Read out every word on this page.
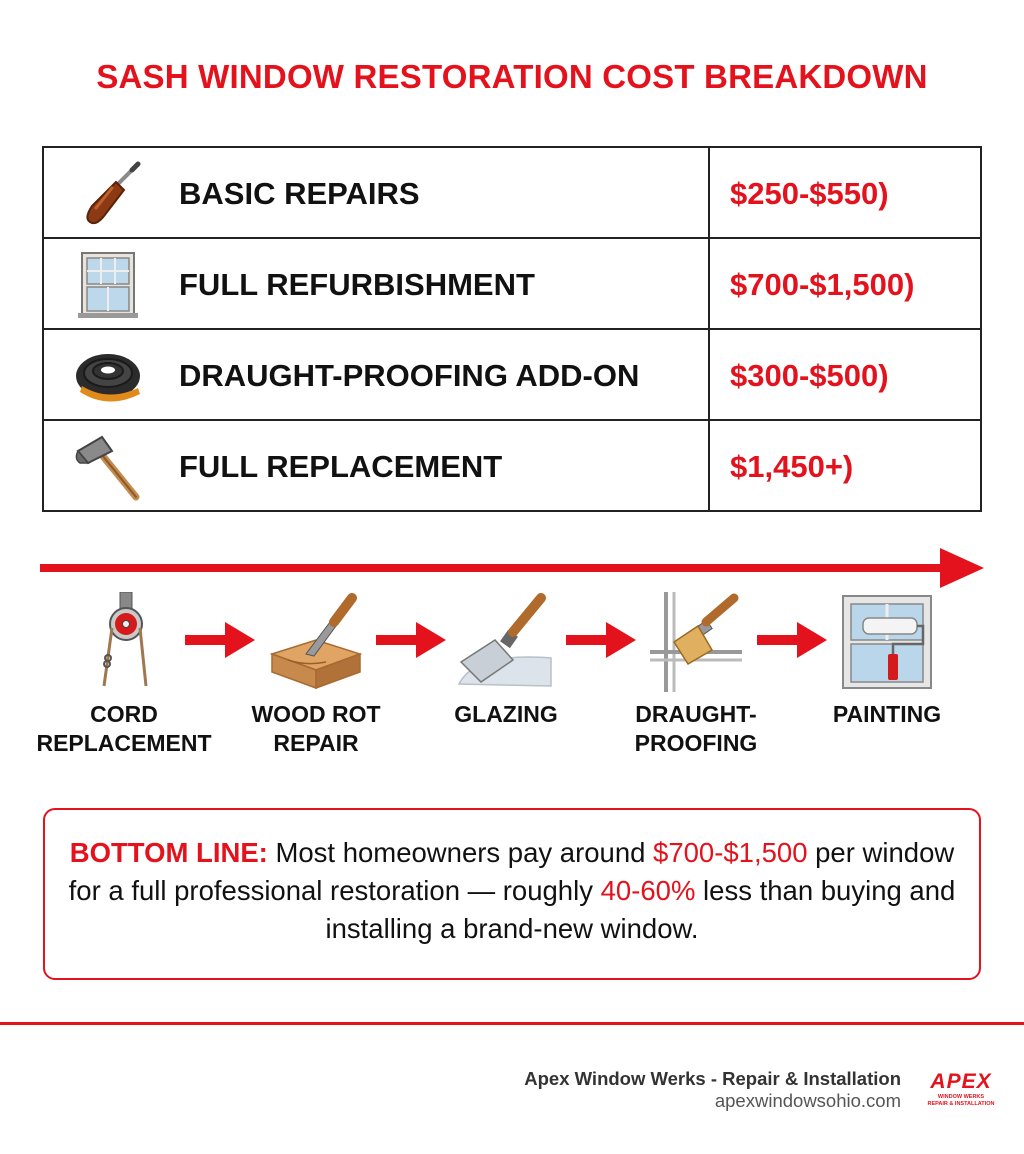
SASH WINDOW RESTORATION COST BREAKDOWN
BASIC REPAIRS	$250-$550)
FULL REFURBISHMENT	$700-$1,500)
DRAUGHT-PROOFING ADD-ON	$300-$500)
FULL REPLACEMENT	$1,450+)
CORD
REPLACEMENT
WOOD ROT
REPAIR
GLAZING	DRAUGHT-
PROOFING
PAINTING
BOTTOM LINE: Most homeowners pay around $700-$1,500 per window for a full professional restoration — roughly 40-60% less than buying and installing a brand-new window.
Apex Window Werks - Repair & Installation
apexwindowsohio.com
APEX
WINDOW WERKS
REPAIR & INSTALLATION
